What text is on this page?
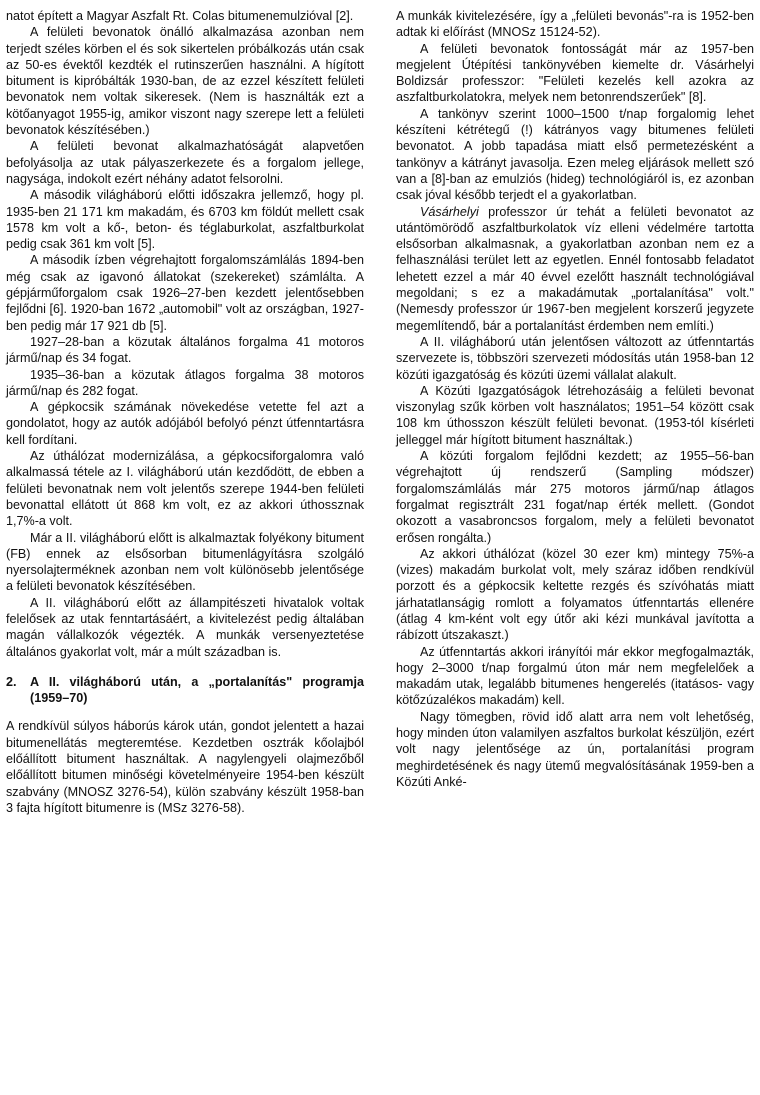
natot épített a Magyar Aszfalt Rt. Colas bitumenemulzióval [2].

A felületi bevonatok önálló alkalmazása azonban nem terjedt széles körben el és sok sikertelen próbálkozás után csak az 50-es évektől kezdték el rutinszerűen használni. A hígított bitument is kipróbálták 1930-ban, de az ezzel készített felületi bevonatok nem voltak sikeresek. (Nem is használták ezt a kötőanyagot 1955-ig, amikor viszont nagy szerepe lett a felületi bevonatok készítésében.)

A felületi bevonat alkalmazhatóságát alapvetően befolyásolja az utak pályaszerkezete és a forgalom jellege, nagysága, indokolt ezért néhány adatot felsorolni.

A második világháború előtti időszakra jellemző, hogy pl. 1935-ben 21 171 km makadám, és 6703 km földút mellett csak 1578 km volt a kő-, beton- és téglaburkolat, aszfaltburkolat pedig csak 361 km volt [5].

A második ízben végrehajtott forgalomszámlálás 1894-ben még csak az igavonó állatokat (szekereket) számlálta. A gépjárműforgalom csak 1926–27-ben kezdett jelentősebben fejlődni [6]. 1920-ban 1672 „automobil" volt az országban, 1927-ben pedig már 17 921 db [5].

1927–28-ban a közutak általános forgalma 41 motoros jármű/nap és 34 fogat.

1935–36-ban a közutak átlagos forgalma 38 motoros jármű/nap és 282 fogat.

A gépkocsik számának növekedése vetette fel azt a gondolatot, hogy az autók adójából befolyó pénzt útfenntartásra kell fordítani.

Az úthálózat modernizálása, a gépkocsiforgalomra való alkalmassá tétele az I. világháború után kezdődött, de ebben a felületi bevonatnak nem volt jelentős szerepe 1944-ben felületi bevonattal ellátott út 868 km volt, ez az akkori úthossznak 1,7%-a volt.

Már a II. világháború előtt is alkalmaztak folyékony bitument (FB) ennek az elsősorban bitumenlágyításra szolgáló nyersolajterméknek azonban nem volt különösebb jelentősége a felületi bevonatok készítésében.

A II. világháború előtt az állampitészeti hivatalok voltak felelősek az utak fenntartásáért, a kivitelezést pedig általában magán vállalkozók végezték. A munkák versenyeztetése általános gyakorlat volt, már a múlt században is.

2. A II. világháború után, a „portalanítás" programja (1959–70)

A rendkívül súlyos háborús károk után, gondot jelentett a hazai bitumenellátás megteremtése. Kezdetben osztrák kőolajból előállított bitument használtak. A nagylengyeli olajmezőből előállított bitumen minőségi követelményeire 1954-ben készült szabvány (MNOSZ 3276-54), külön szabvány készült 1958-ban 3 fajta hígított bitumenre is (MSz 3276-58).

A munkák kivitelezésére, így a „felületi bevonás"-ra is 1952-ben adtak ki előírást (MNOSz 15124-52).

A felületi bevonatok fontosságát már az 1957-ben megjelent Útépítési tankönyvében kiemelte dr. Vásárhelyi Boldizsár professzor: "Felületi kezelés kell azokra az aszfaltburkolatokra, melyek nem betonrendszerűek" [8].

A tankönyv szerint 1000–1500 t/nap forgalomig lehet készíteni kétrétegű (!) kátrányos vagy bitumenes felületi bevonatot. A jobb tapadása miatt első permetezésként a tankönyv a kátrányt javasolja. Ezen meleg eljárások mellett szó van a [8]-ban az emulziós (hideg) technológiáról is, ez azonban csak jóval később terjedt el a gyakorlatban.

Vásárhelyi professzor úr tehát a felületi bevonatot az utántömörödő aszfaltburkolatok víz elleni védelmére tartotta elsősorban alkalmasnak, a gyakorlatban azonban nem ez a felhasználási terület lett az egyetlen. Ennél fontosabb feladatot lehetett ezzel a már 40 évvel ezelőtt használt technológiával megoldani; s ez a makadámutak „portalanítása" volt." (Nemesdy professzor úr 1967-ben megjelent korszerű jegyzete megemlítendő, bár a portalanítást érdemben nem említi.)

A II. világháború után jelentősen változott az útfenntartás szervezete is, többszöri szervezeti módosítás után 1958-ban 12 közúti igazgatóság és közúti üzemi vállalat alakult.

A Közúti Igazgatóságok létrehozásáig a felületi bevonat viszonylag szűk körben volt használatos; 1951–54 között csak 108 km úthosszon készült felületi bevonat. (1953-tól kísérleti jelleggel már hígított bitument használtak.)

A közúti forgalom fejlődni kezdett; az 1955–56-ban végrehajtott új rendszerű (Sampling módszer) forgalomszámlálás már 275 motoros jármű/nap átlagos forgalmat regisztrált 231 fogat/nap érték mellett. (Gondot okozott a vasabroncsos forgalom, mely a felületi bevonatot erősen rongálta.)

Az akkori úthálózat (közel 30 ezer km) mintegy 75%-a (vizes) makadám burkolat volt, mely száraz időben rendkívül porzott és a gépkocsik keltette rezgés és szívóhatás miatt járhatatlanságig romlott a folyamatos útfenntartás ellenére (átlag 4 km-ként volt egy útőr aki kézi munkával javította a rábízott útszakaszt.)

Az útfenntartás akkori irányítói már ekkor megfogalmazták, hogy 2–3000 t/nap forgalmú úton már nem megfelelőek a makadám utak, legalább bitumenes hengerelés (itatásos- vagy kötőzúzalékos makadám) kell.

Nagy tömegben, rövid idő alatt arra nem volt lehetőség, hogy minden úton valamilyen aszfaltos burkolat készüljön, ezért volt nagy jelentősége az ún, portalanítási program meghirdetésének és nagy ütemű megvalósításának 1959-ben a Közúti Anké-
